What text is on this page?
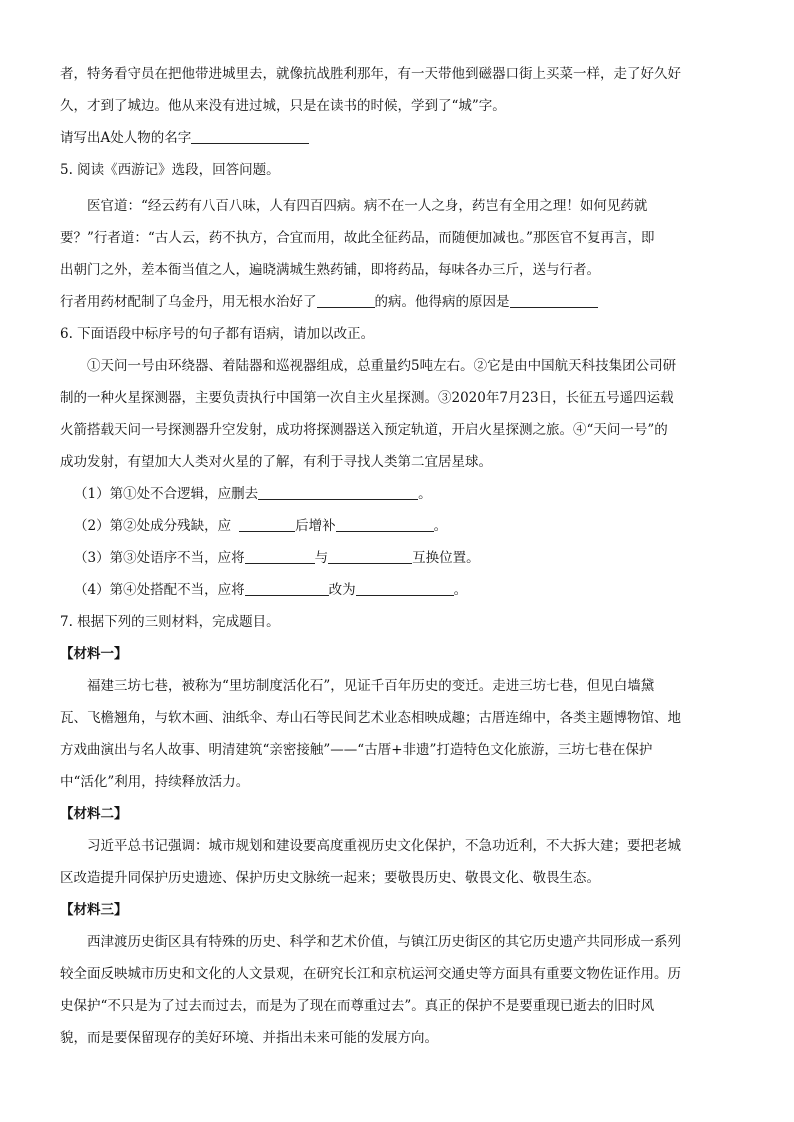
者，特务看守员在把他带进城里去，就像抗战胜利那年，有一天带他到磁器口街上买菜一样，走了好久好

久，才到了城边。他从来没有进过城，只是在读书的时候，学到了“城”字。

请写出A处人物的名字

5. 阅读《西游记》选段，回答问题。

医官道：“经云药有八百八味，人有四百四病。病不在一人之身，药岂有全用之理！如何见药就

要？”行者道：“古人云，药不执方，合宜而用，故此全征药品，而随便加减也。”那医官不复再言，即

出朝门之外，差本衙当值之人，遍晓满城生熟药铺，即将药品，每味各办三斤，送与行者。

行者用药材配制了乌金丹，用无根水治好了	的病。他得病的原因是

6. 下面语段中标序号的句子都有语病，请加以改正。

①天问一号由环绕器、着陆器和巡视器组成，总重量约5吨左右。②它是由中国航天科技集团公司研

制的一种火星探测器，主要负责执行中国第一次自主火星探测。③2020年7月23日，长征五号遥四运载

火箭搭载天问一号探测器升空发射，成功将探测器送入预定轨道，开启火星探测之旅。④“天问一号”的

成功发射，有望加大人类对火星的了解，有利于寻找人类第二宜居星球。

（1）第①处不合逻辑，应删去	。

（2）第②处成分残缺，应	后增补	。

（3）第③处语序不当，应将	与	互换位置。

（4）第④处搭配不当，应将	改为	。

7. 根据下列的三则材料，完成题目。

【材料一】

福建三坊七巷，被称为“里坊制度活化石”，见证千百年历史的变迁。走进三坊七巷，但见白墙黛

瓦、飞檐翘角，与软木画、油纸伞、寿山石等民间艺术业态相映成趣；古厝连绵中，各类主题博物馆、地

方戏曲演出与名人故事、明清建筑“亲密接触”——“古厝+非遗”打造特色文化旅游，三坊七巷在保护

中“活化”利用，持续释放活力。

【材料二】

习近平总书记强调：城市规划和建设要高度重视历史文化保护，不急功近利，不大拆大建；要把老城

区改造提升同保护历史遗迹、保护历史文脉统一起来；要敬畏历史、敬畏文化、敬畏生态。

【材料三】

西津渡历史街区具有特殊的历史、科学和艺术价值，与镇江历史街区的其它历史遗产共同形成一系列

较全面反映城市历史和文化的人文景观，在研究长江和京杭运河交通史等方面具有重要文物佐证作用。历

史保护“不只是为了过去而过去，而是为了现在而尊重过去”。真正的保护不是要重现已逝去的旧时风

貌，而是要保留现存的美好环境、并指出未来可能的发展方向。
